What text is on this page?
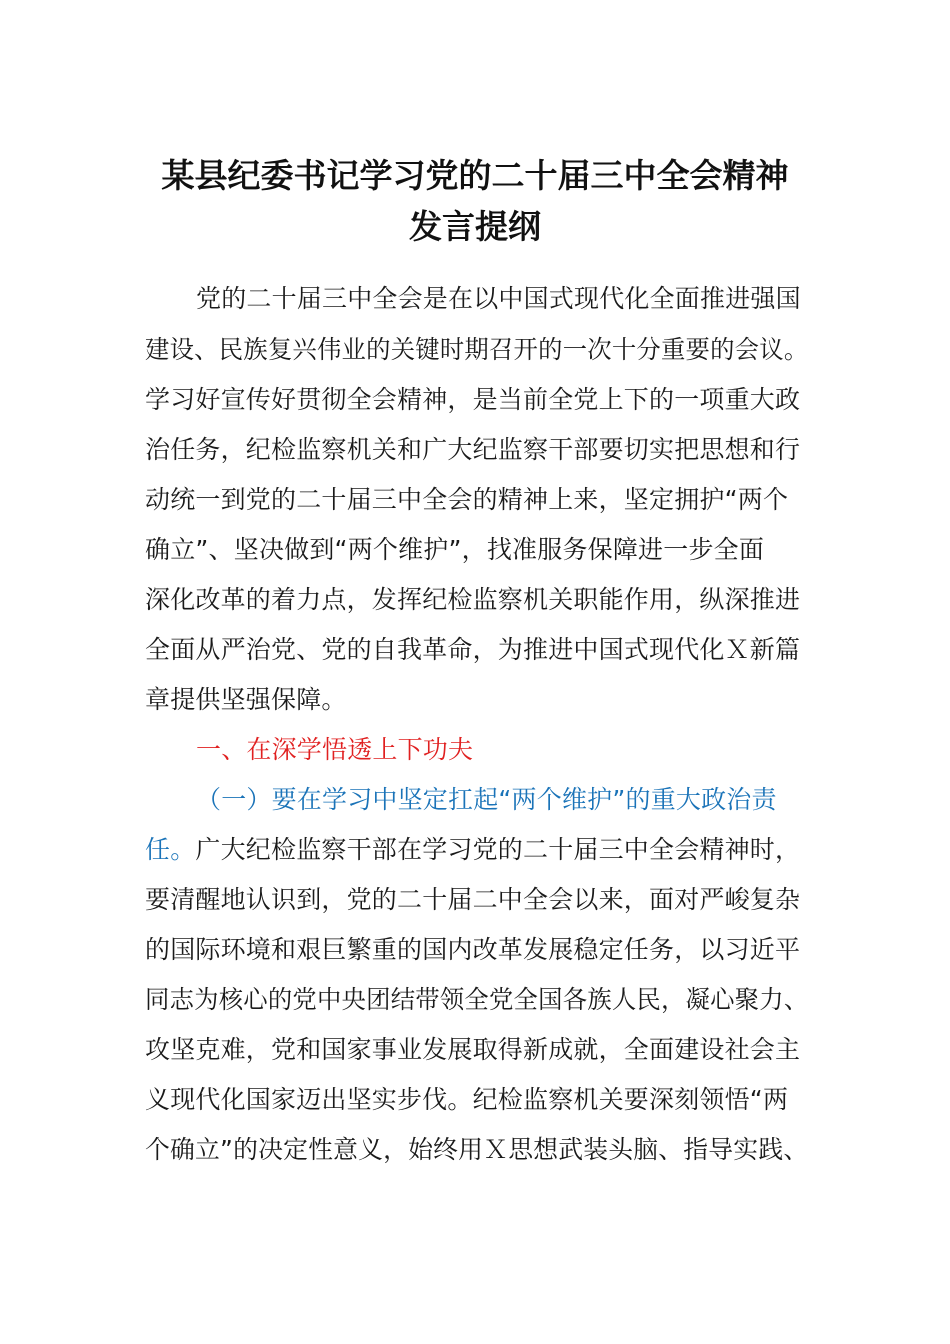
某县纪委书记学习党的二十届三中全会精神
发言提纲
党的二十届三中全会是在以中国式现代化全面推进强国
建设、民族复兴伟业的关键时期召开的一次十分重要的会议。
学习好宣传好贯彻全会精神，是当前全党上下的一项重大政
治任务，纪检监察机关和广大纪监察干部要切实把思想和行
动统一到党的二十届三中全会的精神上来，坚定拥护“两个
确立”、坚决做到“两个维护”，找准服务保障进一步全面
深化改革的着力点，发挥纪检监察机关职能作用，纵深推进
全面从严治党、党的自我革命，为推进中国式现代化Ｘ新篇
章提供坚强保障。
一、在深学悟透上下功夫
（一）要在学习中坚定扛起“两个维护”的重大政治责
任。广大纪检监察干部在学习党的二十届三中全会精神时，
要清醒地认识到，党的二十届二中全会以来，面对严峻复杂
的国际环境和艰巨繁重的国内改革发展稳定任务，以习近平
同志为核心的党中央团结带领全党全国各族人民，凝心聚力、
攻坚克难，党和国家事业发展取得新成就，全面建设社会主
义现代化国家迈出坚实步伐。纪检监察机关要深刻领悟“两
个确立”的决定性意义，始终用Ｘ思想武装头脑、指导实践、
